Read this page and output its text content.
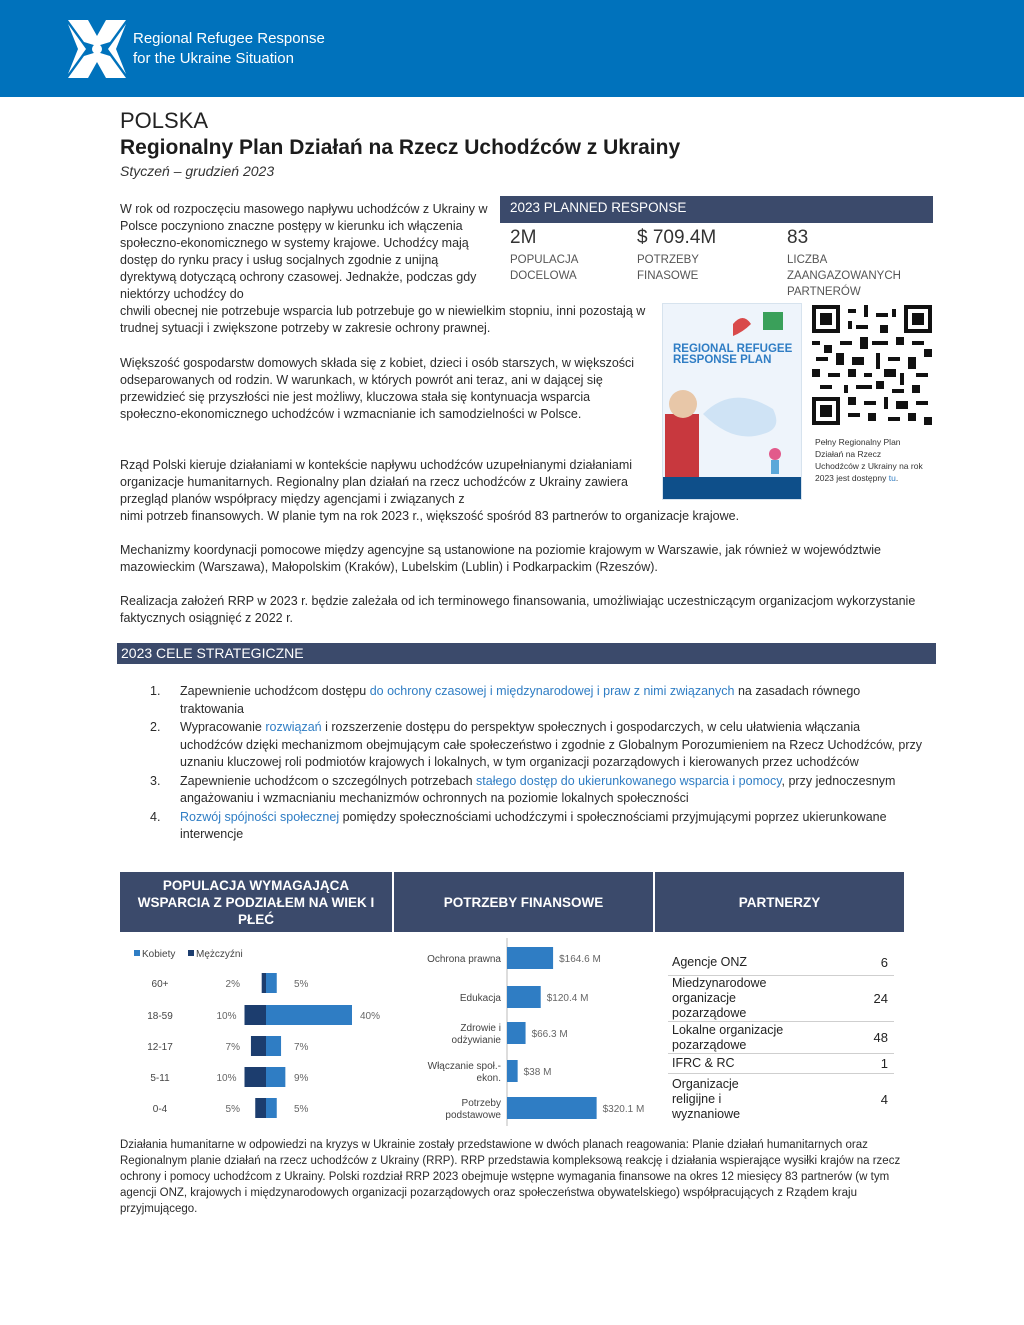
Regional Refugee Response
for the Ukraine Situation
POLSKA
Regionalny Plan Działań na Rzecz Uchodźców z Ukrainy
Styczeń – grudzień 2023
W rok od rozpoczęciu masowego napływu uchodźców z Ukrainy w Polsce poczyniono znaczne postępy w kierunku ich włączenia społeczno-ekonomicznego w systemy krajowe. Uchodźcy mają dostęp do rynku pracy i usług socjalnych zgodnie z unijną dyrektywą dotyczącą ochrony czasowej. Jednakże, podczas gdy niektórzy uchodźcy do
chwili obecnej nie potrzebuje wsparcia lub potrzebuje go w niewielkim stopniu, inni pozostają w trudnej sytuacji i zwiększone potrzeby w zakresie ochrony prawnej.
Większość gospodarstw domowych składa się z kobiet, dzieci i osób starszych, w większości odseparowanych od rodzin. W warunkach, w których powrót ani teraz, ani w dającej się przewidzieć się przyszłości nie jest możliwy, kluczowa stała się kontynuacja wsparcia społeczno-ekonomicznego uchodźców i wzmacnianie ich samodzielności w Polsce.
Rząd Polski kieruje działaniami w kontekście napływu uchodźców uzupełnianymi działaniami organizacje humanitarnych. Regionalny plan działań na rzecz uchodźców z Ukrainy zawiera przegląd planów współpracy między agencjami i związanych z
nimi potrzeb finansowych. W planie tym na rok 2023 r., większość spośród 83 partnerów to organizacje krajowe.
Mechanizmy koordynacji pomocowe między agencyjne są ustanowione na poziomie krajowym w Warszawie, jak również w województwie mazowieckim (Warszawa), Małopolskim (Kraków), Lubelskim (Lublin) i Podkarpackim (Rzeszów).
Realizacja założeń RRP w 2023 r. będzie zależała od ich terminowego finansowania, umożliwiając uczestniczącym organizacjom wykorzystanie faktycznych osiągnięć z 2022 r.
2023 PLANNED RESPONSE
2M
POPULACJA DOCELOWA
$ 709.4M
POTRZEBY FINASOWE
83
LICZBA ZAANGAZOWANYCH PARTNERÓW
REGIONAL REFUGEE RESPONSE PLAN
Pełny Regionalny Plan Działań na Rzecz Uchodźców z Ukrainy na rok 2023 jest dostępny tu.
2023 CELE STRATEGICZNE
1. Zapewnienie uchodźcom dostępu do ochrony czasowej i międzynarodowej i praw z nimi związanych na zasadach równego traktowania
2. Wypracowanie rozwiązań i rozszerzenie dostępu do perspektyw społecznych i gospodarczych, w celu ułatwienia włączania uchodźców dzięki mechanizmom obejmującym całe społeczeństwo i zgodnie z Globalnym Porozumieniem na Rzecz Uchodźców, przy uznaniu kluczowej roli podmiotów krajowych i lokalnych, w tym organizacji pozarządowych i kierowanych przez uchodźców
3. Zapewnienie uchodźcom o szczególnych potrzebach stałego dostęp do ukierunkowanego wsparcia i pomocy, przy jednoczesnym angażowaniu i wzmacnianiu mechanizmów ochronnych na poziomie lokalnych społeczności
4. Rozwój spójności społecznej pomiędzy społecznościami uchodźczymi i społecznościami przyjmującymi poprzez ukierunkowane interwencje
POPULACJA WYMAGAJĄCA WSPARCIA Z PODZIAŁEM NA WIEK I PŁEĆ
POTRZEBY FINANSOWE	PARTNERZY
Kobiety Mężczyźni
60+	2%	5%
18-59	10%	40%
12-17	7%	7%
5-11	10%	9%
0-4	5%	5%
Ochrona prawna	$164.6 M
Edukacja	$120.4 M
Zdrowie i
odżywianie
$66.3 M
Włączanie społ.-
ekon.
$38 M
Potrzeby
podstawowe
$320.1 M
Agencje ONZ	6
Miedzynarodowe organizacje pozarządowe
24
Lokalne organizacje pozarządowe	48
IFRC & RC	1
Organizacje religijne i wyznaniowe
4
Działania humanitarne w odpowiedzi na kryzys w Ukrainie zostały przedstawione w dwóch planach reagowania: Planie działań humanitarnych oraz Regionalnym planie działań na rzecz uchodźców z Ukrainy (RRP). RRP przedstawia kompleksową reakcję i działania wspierające wysiłki krajów na rzecz ochrony i pomocy uchodźcom z Ukrainy. Polski rozdział RRP 2023 obejmuje wstępne wymagania finansowe na okres 12 miesięcy 83 partnerów (w tym agencji ONZ, krajowych i międzynarodowych organizacji pozarządowych oraz społeczeństwa obywatelskiego) współpracujących z Rządem kraju przyjmującego.
